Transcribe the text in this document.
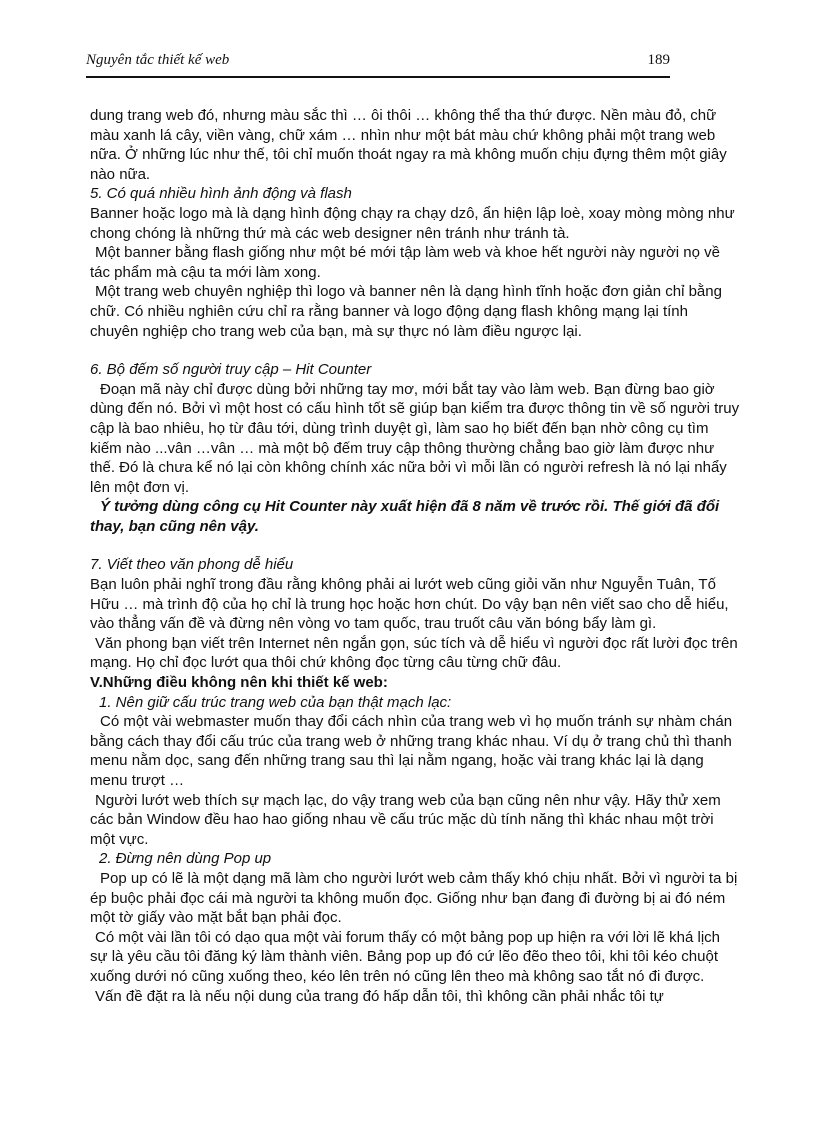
Nguyên tắc thiết kế web	189

dung trang web đó, nhưng màu sắc thì … ôi thôi … không thể tha thứ được. Nền màu đỏ, chữ màu xanh lá cây, viền vàng, chữ xám … nhìn như một bát màu chứ không phải một trang web nữa. Ở những lúc như thế, tôi chỉ muốn thoát ngay ra mà không muốn chịu đựng thêm một giây nào nữa.

5. Có quá nhiều hình ảnh động và flash

Banner hoặc logo mà là dạng hình động chạy ra chạy dzô, ẩn hiện lập loè, xoay mòng mòng như chong chóng là những thứ mà các web designer nên tránh như tránh tà.

Một banner bằng flash giống như một bé mới tập làm web và khoe hết người này người nọ về tác phẩm mà cậu ta mới làm xong.

Một trang web chuyên nghiệp thì logo và banner nên là dạng hình tĩnh hoặc đơn giản chỉ bằng chữ. Có nhiều nghiên cứu chỉ ra rằng banner và logo động dạng flash không mạng lại tính chuyên nghiệp cho trang web của bạn, mà sự thực nó làm điều ngược lại.

6. Bộ đếm số người truy cập – Hit Counter

Đoạn mã này chỉ được dùng bởi những tay mơ, mới bắt tay vào làm web. Bạn đừng bao giờ dùng đến nó. Bởi vì một host có cấu hình tốt sẽ giúp bạn kiểm tra được thông tin về số người truy cập là bao nhiêu, họ từ đâu tới, dùng trình duyệt gì, làm sao họ biết đến bạn nhờ công cụ tìm kiếm nào ...vân …vân … mà một bộ đếm truy cập thông thường chẳng bao giờ làm được như thế. Đó là chưa kể nó lại còn không chính xác nữa bởi vì mỗi lần có người refresh là nó lại nhẩy lên một đơn vị.

Ý tưởng dùng công cụ Hit Counter này xuất hiện đã 8 năm về trước rồi. Thế giới đã đổi thay, bạn cũng nên vậy.

7. Viết theo văn phong dễ hiểu

Bạn luôn phải nghĩ trong đầu rằng không phải ai lướt web cũng giỏi văn như Nguyễn Tuân, Tố Hữu … mà trình độ của họ chỉ là trung học hoặc hơn chút. Do vậy bạn nên viết sao cho dễ hiểu, vào thẳng vấn đề và đừng nên vòng vo tam quốc, trau truốt câu văn bóng bẩy làm gì.

Văn phong bạn viết trên Internet nên ngắn gọn, súc tích và dễ hiểu vì người đọc rất lười đọc trên mạng. Họ chỉ đọc lướt qua thôi chứ không đọc từng câu từng chữ đâu.

V.Những điều không nên khi thiết kế web:

1. Nên giữ cấu trúc trang web của bạn thật mạch lạc:

Có một vài webmaster muốn thay đổi cách nhìn của trang web vì họ muốn tránh sự nhàm chán bằng cách thay đổi cấu trúc của trang web ở những trang khác nhau. Ví dụ ở trang chủ thì thanh menu nằm dọc, sang đến những trang sau thì lại nằm ngang, hoặc vài trang khác lại là dạng menu trượt …

Người lướt web thích sự mạch lạc, do vậy trang web của bạn cũng nên như vậy. Hãy thử xem các bản Window đều hao hao giống nhau về cấu trúc mặc dù tính năng thì khác nhau một trời một vực.

2. Đừng nên dùng Pop up

Pop up có lẽ là một dạng mã làm cho người lướt web cảm thấy khó chịu nhất. Bởi vì người ta bị ép buộc phải đọc cái mà người ta không muốn đọc. Giống như bạn đang đi đường bị ai đó ném một tờ giấy vào mặt bắt bạn phải đọc.

Có một vài lần tôi có dạo qua một vài forum thấy có một bảng pop up hiện ra với lời lẽ khá lịch sự là yêu cầu tôi đăng ký làm thành viên. Bảng pop up đó cứ lẽo đẽo theo tôi, khi tôi kéo chuột xuống dưới nó cũng xuống theo, kéo lên trên nó cũng lên theo mà không sao tắt nó đi được.

Vấn đề đặt ra là nếu nội dung của trang đó hấp dẫn tôi, thì không cần phải nhắc tôi tự
